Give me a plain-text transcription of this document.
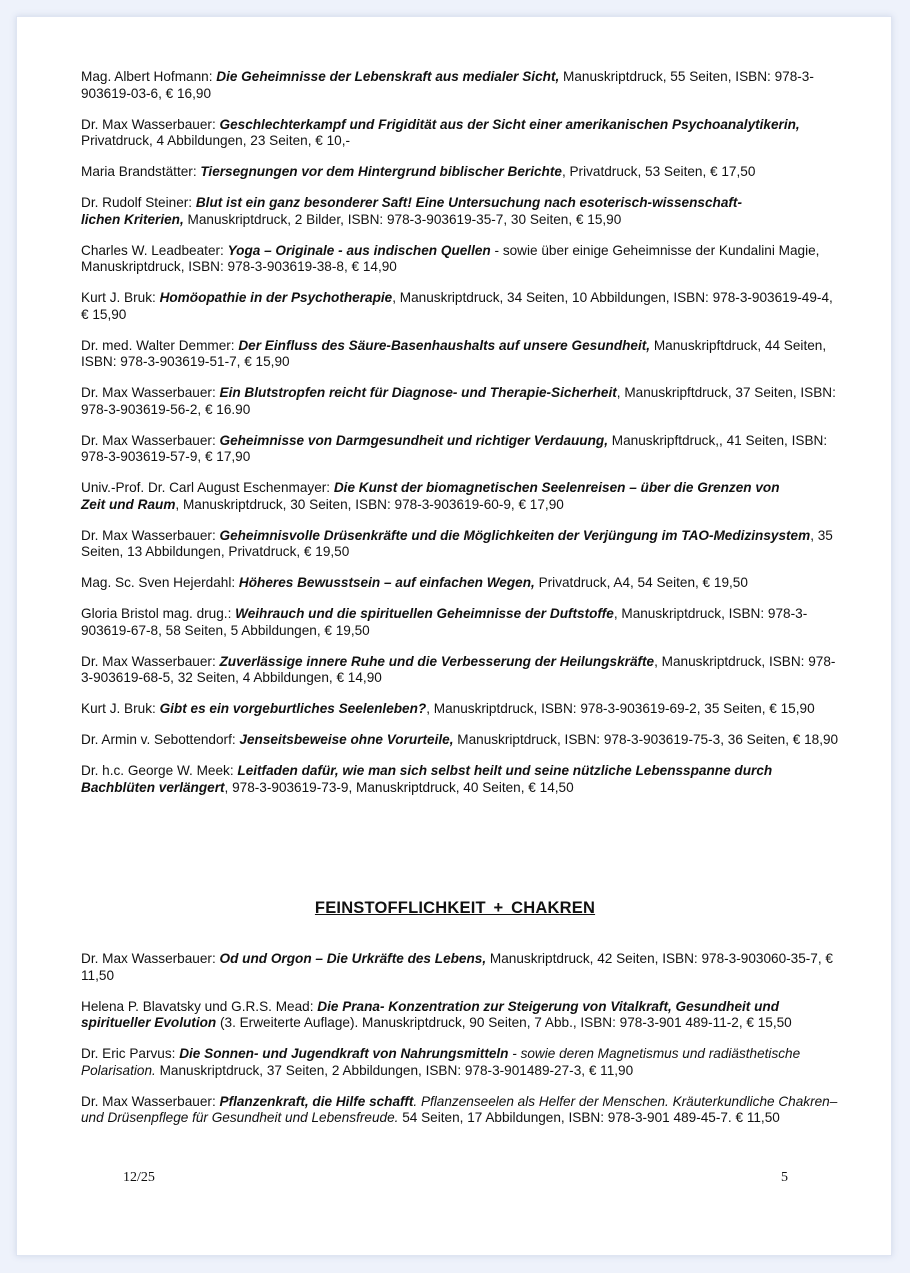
Mag. Albert Hofmann: Die Geheimnisse der Lebenskraft aus medialer Sicht, Manuskriptdruck, 55 Seiten, ISBN: 978-3-903619-03-6, € 16,90

Dr. Max Wasserbauer: Geschlechterkampf und Frigidität aus der Sicht einer amerikanischen Psychoanalytikerin, Privatdruck, 4 Abbildungen, 23 Seiten, € 10,-

Maria Brandstätter: Tiersegnungen vor dem Hintergrund biblischer Berichte, Privatdruck, 53 Seiten, € 17,50

Dr. Rudolf Steiner: Blut ist ein ganz besonderer Saft! Eine Untersuchung nach esoterisch-wissenschaft-lichen Kriterien, Manuskriptdruck, 2 Bilder, ISBN: 978-3-903619-35-7, 30 Seiten, € 15,90

Charles W. Leadbeater: Yoga – Originale - aus indischen Quellen - sowie über einige Geheimnisse der Kundalini Magie, Manuskriptdruck, ISBN: 978-3-903619-38-8, € 14,90

Kurt J. Bruk: Homöopathie in der Psychotherapie, Manuskriptdruck, 34 Seiten, 10 Abbildungen, ISBN: 978-3-903619-49-4, € 15,90

Dr. med. Walter Demmer: Der Einfluss des Säure-Basenhaushalts auf unsere Gesundheit, Manuskripftdruck, 44 Seiten, ISBN: 978-3-903619-51-7, € 15,90

Dr. Max Wasserbauer: Ein Blutstropfen reicht für Diagnose- und Therapie-Sicherheit, Manuskripftdruck, 37 Seiten, ISBN: 978-3-903619-56-2, € 16.90

Dr. Max Wasserbauer: Geheimnisse von Darmgesundheit und richtiger Verdauung, Manuskripftdruck,, 41 Seiten, ISBN: 978-3-903619-57-9, € 17,90

Univ.-Prof. Dr. Carl August Eschenmayer: Die Kunst der biomagnetischen Seelenreisen – über die Grenzen von Zeit und Raum, Manuskriptdruck, 30 Seiten, ISBN: 978-3-903619-60-9, € 17,90

Dr. Max Wasserbauer: Geheimnisvolle Drüsenkräfte und die Möglichkeiten der Verjüngung im TAO-Medizinsystem, 35 Seiten, 13 Abbildungen, Privatdruck, € 19,50

Mag. Sc. Sven Hejerdahl: Höheres Bewusstsein – auf einfachen Wegen, Privatdruck, A4, 54 Seiten, € 19,50

Gloria Bristol mag. drug.: Weihrauch und die spirituellen Geheimnisse der Duftstoffe, Manuskriptdruck, ISBN: 978-3-903619-67-8, 58 Seiten, 5 Abbildungen, € 19,50

Dr. Max Wasserbauer: Zuverlässige innere Ruhe und die Verbesserung der Heilungskräfte, Manuskriptdruck, ISBN: 978-3-903619-68-5, 32 Seiten, 4 Abbildungen, € 14,90

Kurt J. Bruk: Gibt es ein vorgeburtliches Seelenleben?, Manuskriptdruck, ISBN: 978-3-903619-69-2, 35 Seiten, € 15,90

Dr. Armin v. Sebottendorf: Jenseitsbeweise ohne Vorurteile, Manuskriptdruck, ISBN: 978-3-903619-75-3, 36 Seiten, € 18,90

Dr. h.c. George W. Meek: Leitfaden dafür, wie man sich selbst heilt und seine nützliche Lebensspanne durch Bachblüten verlängert, 978-3-903619-73-9, Manuskriptdruck, 40 Seiten, € 14,50

FEINSTOFFLICHKEIT + CHAKREN

Dr. Max Wasserbauer: Od und Orgon – Die Urkräfte des Lebens, Manuskriptdruck, 42 Seiten, ISBN: 978-3-903060-35-7, € 11,50

Helena P. Blavatsky und G.R.S. Mead: Die Prana- Konzentration zur Steigerung von Vitalkraft, Gesundheit und spiritueller Evolution (3. Erweiterte Auflage). Manuskriptdruck, 90 Seiten, 7 Abb., ISBN: 978-3-901 489-11-2, € 15,50

Dr. Eric Parvus: Die Sonnen- und Jugendkraft von Nahrungsmitteln - sowie deren Magnetismus und radiästhetische Polarisation. Manuskriptdruck, 37 Seiten, 2 Abbildungen, ISBN: 978-3-901489-27-3, € 11,90

Dr. Max Wasserbauer: Pflanzenkraft, die Hilfe schafft. Pflanzenseelen als Helfer der Menschen. Kräuterkundliche Chakren– und Drüsenpflege für Gesundheit und Lebensfreude. 54 Seiten, 17 Abbildungen, ISBN: 978-3-901 489-45-7. € 11,50

12/25	5
